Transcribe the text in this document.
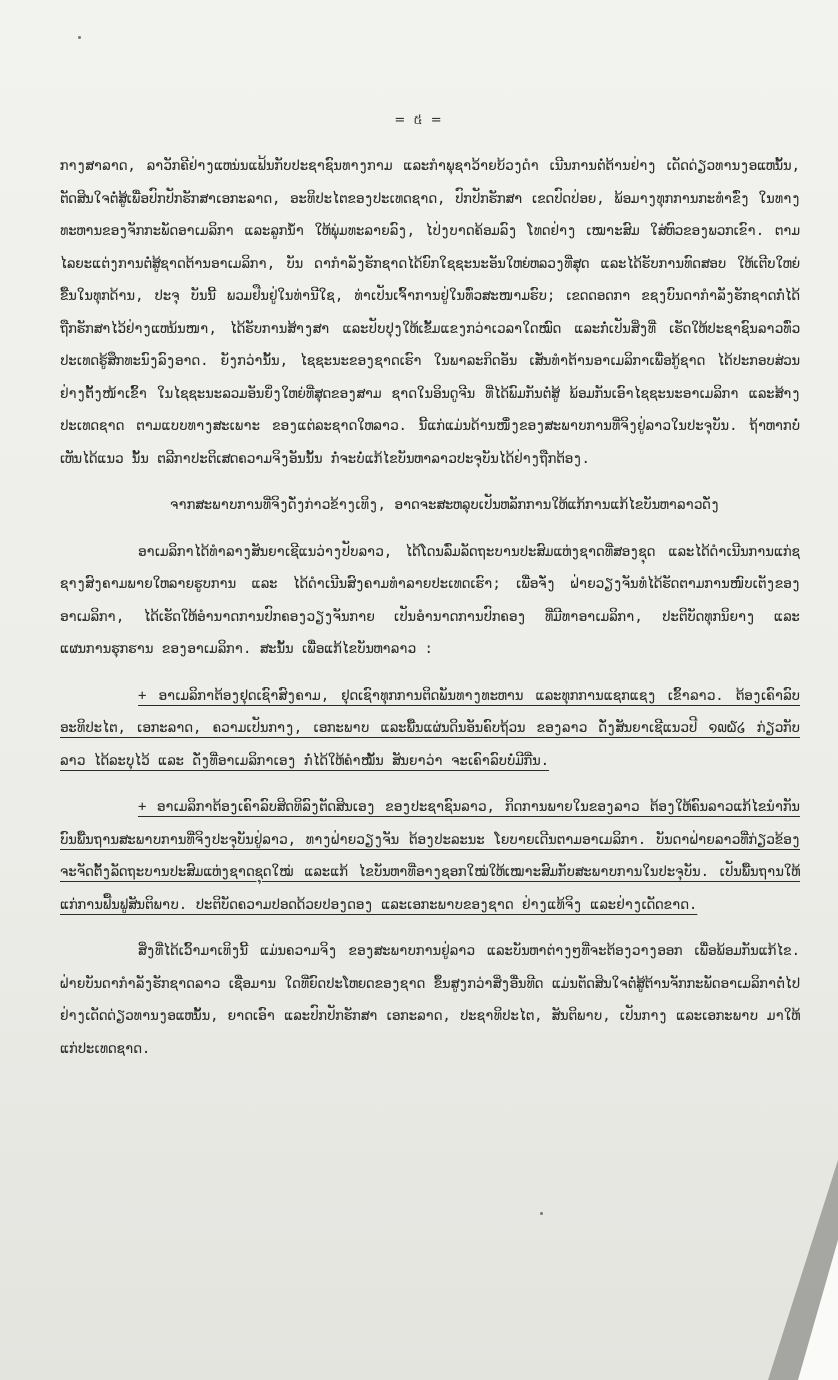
= ៥ =

ກາງສາລາດ, ລາວັກຄີຢ່າງແຫນ່ນແຟ້ນກັບປະຊາຊົນທາງກາມ ແລະກຳພຸຊາວ້າຍບ້ວງດຳ ເນີນການຕໍ່ຕ້ານຢ່າງ ເດັດດ່ຽວທານງອແຫນັ້ນ, ຕັດສິນໃຈຕໍ່ສູ້ເພື່ອປົກປັກຮັກສາເອກະລາດ, ອະທິປະໄຕຂອງປະເທດຊາດ, ປົກປັກຮັກສາ ເຂດປົດປ່ອຍ, ພ້ອມາງທຸກການກະທຳຂົ່ງ ໃນທາງທະຫານຂອງຈັກກະພັດອາເມລິກາ ແລະລູກນ້ຳ ໃຫ້ພຸ່ມທະລາຍລົງ, ໄປ່ງບາດຄ້ອມລົງ ໂທດຢ່າງ ເໝາະສົມ ໃສ່ຫົວຂອງພວກເຂົາ. ຕາມໄລຍະແຕ່ງການຕໍ່ສູ້ຊາດຕ້ານອາເມລິກາ, ບັນ ດາກຳລັງຮັກຊາດໄດ້ຍົກໃຊຊະນະອັນໃຫຍ່ຫລວງທີ່ສຸດ ແລະໄດ້ຮັບການທົດສອບ ໃຫ້ເຕີບໃຫຍ່ຂື້ນໃນທຸກດ້ານ, ປະຈຸ ບັນນີ້ ພວມຢືນຢູ່ໃນທ່ານີໃຊ, ທ່າເປັນເຈົ້າການຢູ່ໃນທົ່ວສະໜາມຮົບ; ເຂດດອດກາ ຂຊງບົນດາກຳລັງຮັກຊາດກໍ່ໄດ້ ຖືກຮັກສາໄວ້ຢ່າງແຫນ້ນໜາ, ໄດ້ຮັບການສ້າງສາ ແລະປັບປຸງໃຫ້ເຂັ້ມແຂງກວ່າເວລາໃດໝົດ ແລະກໍ່ເປັນສິ່ງທີ່ ເຮັດໃຫ້ປະຊາຊົນລາວທົ່ວປະເທດຮູ້ສຶກທະນົງລົງອາດ. ຍັງກວ່ານັ້ນ, ໄຊຊະນະຂອງຊາດເຮົາ ໃນພາລະກິດອັນ ເສັ່ນທຳຕ້ານອາເມລິກາເພື່ອກູ້ຊາດ ໄດ້ປະກອບສ່ວນຢ່າງຕັ້ງໜ້າເຂົ້າ ໃນໄຊຊະນະລວມອັນຍິ່ງໃຫຍ່ທີ່ສຸດຂອງສາມ ຊາດໃນອິນດູຈີນ ທີ່ໄດ້ພົມກັນຕໍ່ສູ້ ພ້ອມກັນເອົາໄຊຊະນະອາເມລິກາ ແລະສ້າງປະເທດຊາດ ຕາມແບບທາງສະເພາະ ຂອງແຕ່ລະຊາດໃຫລາວ. ນີ້ແກ່ແມ່ນດ້ານໜຶ່ງຂອງສະພາບການທີ່ຈິງຢູ່ລາວໃນປະຈຸບັນ. ຖ້າຫາກບໍ່ເຫັນໄດ້ແນວ ນັ້ນ ຕລີກາປະຕິເສດຄວາມຈິງອັນນັ້ນ ກໍ່ຈະບໍ່ແກ້ໄຂບັນຫາລາວປະຈຸບັນໄດ້ຢ່າງຖືກຕ້ອງ.

ຈາກສະພາບການທີ່ຈິງດັ່ງກ່າວຂ້າງເທິງ, ອາດຈະສະຫລຸບເປັນຫລັກການໃຫ້ແກ້ການແກ້ໄຂບັນຫາລາວດັ່ງ

ອາເມລິກາໄດ້ທຳລາງສັນຍາເຊີແນວ່າງປັບລາວ, ໄດ້ໂດນລົ່ມລັດຖະບານປະສົມແຫ່ງຊາດທີ່ສອງຊຸດ ແລະໄດ້ດຳເນີນການແກ່ຊຊາງສົງຄາມພາຍໃຫລາຍຮູບການ ແລະ ໄດ້ດຳເນີນສົງຄາມທຳລາຍປະເທດເຮົາ; ເພື່ອຈັ່ງ ຝ່າຍວຽງຈັນທໍໄດ້ຮັດຕາມການໜົບເຕັງຂອງອາເມລິກາ, ໄດ້ເຮັດໃຫ້ອຳນາດການປົກຄອງວຽງຈັນກາຍ ເປັນອຳນາດການປົກຄອງ ທີ່ມີທາອາເມລິກາ, ປະຕິບັດທຸກນິຍາງ ແລະ ແຜນການຮຸກຮານ ຂອງອາເມລິກາ. ສະນັ້ນ ເພື່ອແກ້ໄຂບັນຫາລາວ :

+ ອາເມລິກາຕ້ອງຢຸດເຊົາສົງຄາມ, ຢຸດເຊົາທຸກການຕິດພັນທາງທະຫານ ແລະທຸກການແຊກແຊງ ເຂົ້າລາວ. ຕ້ອງເຄົາລົບອະທິປະໄຕ, ເອກະລາດ, ຄວາມເປັນກາງ, ເອກະພາບ ແລະພື້ນແຜ່ນດິນອັນຄົບຖ້ວນ ຂອງລາວ ດັ່ງສັນຍາເຊີແນວປີ ໑໙໖໒ ກ່ຽວກັບລາວ ໄດ້ລະບຸໄວ້ ແລະ ດັ່ງທີ່ອາເມລິກາເອງ ກໍ່ໄດ້ໃຫ້ຄຳໝັ້ນ ສັນຍາວ່າ ຈະເຄົາລົບບໍ່ມີກີ່ນ.

+ ອາເມລິກາຕ້ອງເຄົາລົບສິດທິລົງຕັດສິນເອງ ຂອງປະຊາຊົນລາວ, ກິດການພາຍໃນຂອງລາວ ຕ້ອງໃຫ້ຄົນລາວແກ້ໄຂນຳກັນ ບົນພື້ນຖານສະພາບການທີ່ຈິງປະຈຸບັນຢູ່ລາວ, ທາງຝ່າຍວຽງຈັນ ຕ້ອງປະລະນະ ໂຍບາຍເດີນຕາມອາເມລິກາ. ບັນດາຝ່າຍລາວທີ່ກ່ຽວຂ້ອງ ຈະຈັດຕັ້ງລັດຖະບານປະສົມແຫ່ງຊາດຊຸດໃໝ່ ແລະແກ້ ໄຂບັນຫາທີ່ອາງຊອກໃໝ່ໃຫ້ເໝາະສົມກັບສະພາບການໃນປະຈຸບັນ. ເປັນພື້ນຖານໃຫ້ແກ່ການຟື້ນຟູສັນຕິພາບ. ປະຕິບັດຄວາມປອດດ້ວຍປອງດອງ ແລະເອກະພາບຂອງຊາດ ຢ່າງແທ້ຈິງ ແລະຢ່າງເດັດຂາດ.

ສິ່ງທີ່ໄດ້ເວົ້າມາເທິງນີ້ ແມ່ນຄວາມຈິງ ຂອງສະພາບການຢູ່ລາວ ແລະບັນຫາຕ່າງໆທີ່ຈະຕ້ອງວາງອອກ ເພື່ອພ້ອມກັນແກ້ໄຂ. ຝ່າຍບັນດາກຳລັງຮັກຊາດລາວ ເຊື່ອມານ ໃດທີ່ຍົດປະໂຫຍດຂອງຊາດ ຂຶ້ນສູງກວ່າສິ່ງອື່ນທີດ ແມ່ນຕັດສິນໃຈຕໍ່ສູ້ຕ້ານຈັກກະພັດອາເມລິກາຕໍ່ໄປຢ່າງເດັດດ່ຽວທານງອແຫນັ້ນ, ຍາດເອົາ ແລະປົກປັກຮັກສາ ເອກະລາດ, ປະຊາທິປະໄຕ, ສັນຕິພາບ, ເປັນກາງ ແລະເອກະພາບ ມາໃຫ້ແກ່ປະເທດຊາດ.
